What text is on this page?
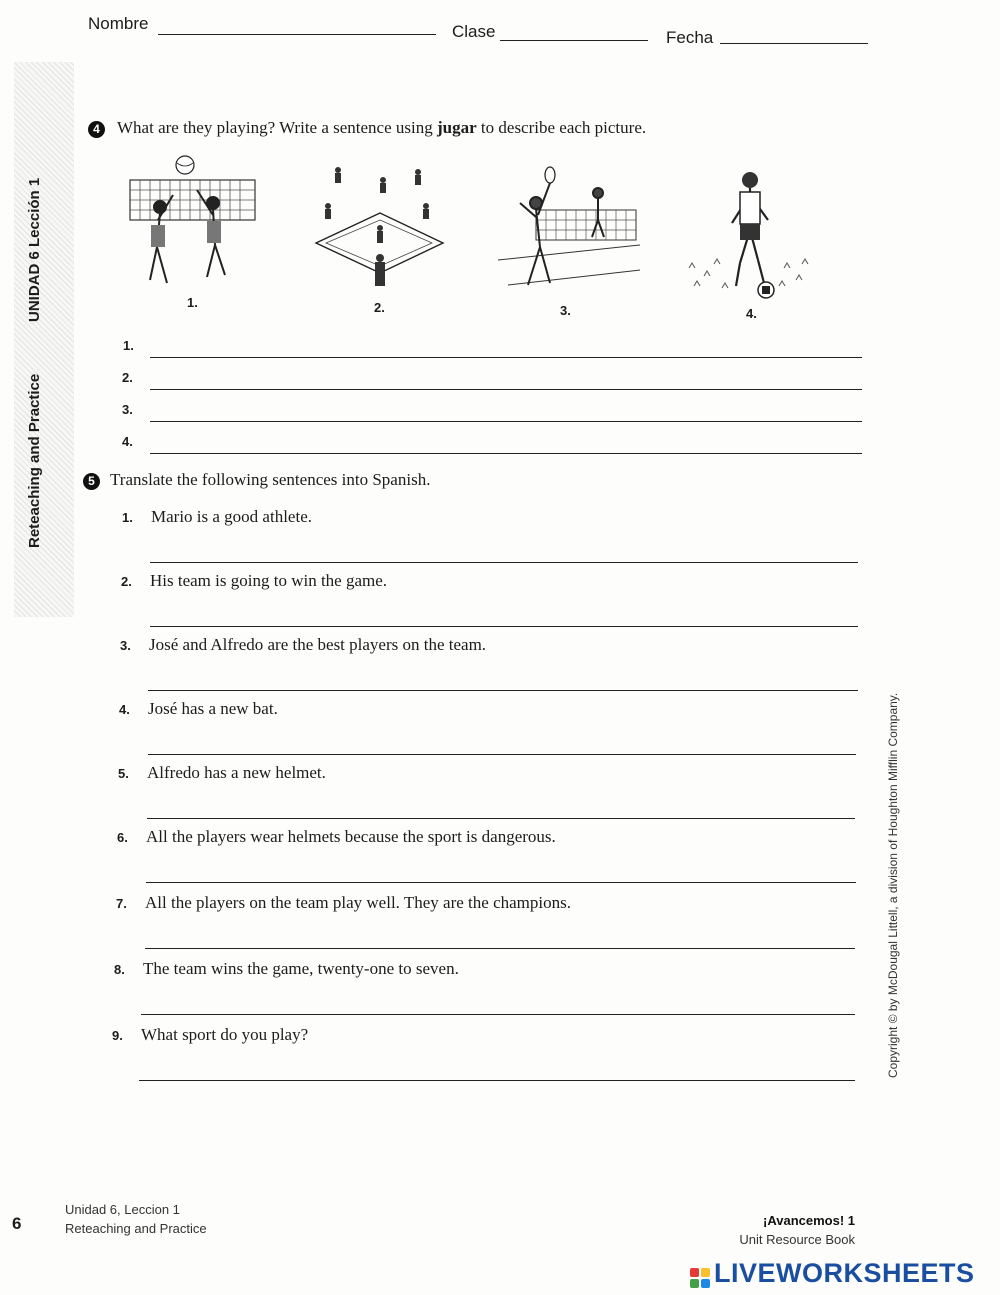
Nombre	Clase	Fecha
UNIDAD 6 Lección 1
Reteaching and Practice
4 What are they playing? Write a sentence using jugar to describe each picture.
1.	2.	3.	4.
1.
2.
3.
4.
5 Translate the following sentences into Spanish.
1. Mario is a good athlete.
2. His team is going to win the game.
3. José and Alfredo are the best players on the team.
4. José has a new bat.
5. Alfredo has a new helmet.
6. All the players wear helmets because the sport is dangerous.
7. All the players on the team play well. They are the champions.
8. The team wins the game, twenty-one to seven.
9. What sport do you play?	Copyright © by McDougal Littell, a division of Houghton Mifflin Company.
6
Unidad 6, Leccion 1
Reteaching and Practice
¡Avancemos! 1
Unit Resource Book
LIVEWORKSHEETS
